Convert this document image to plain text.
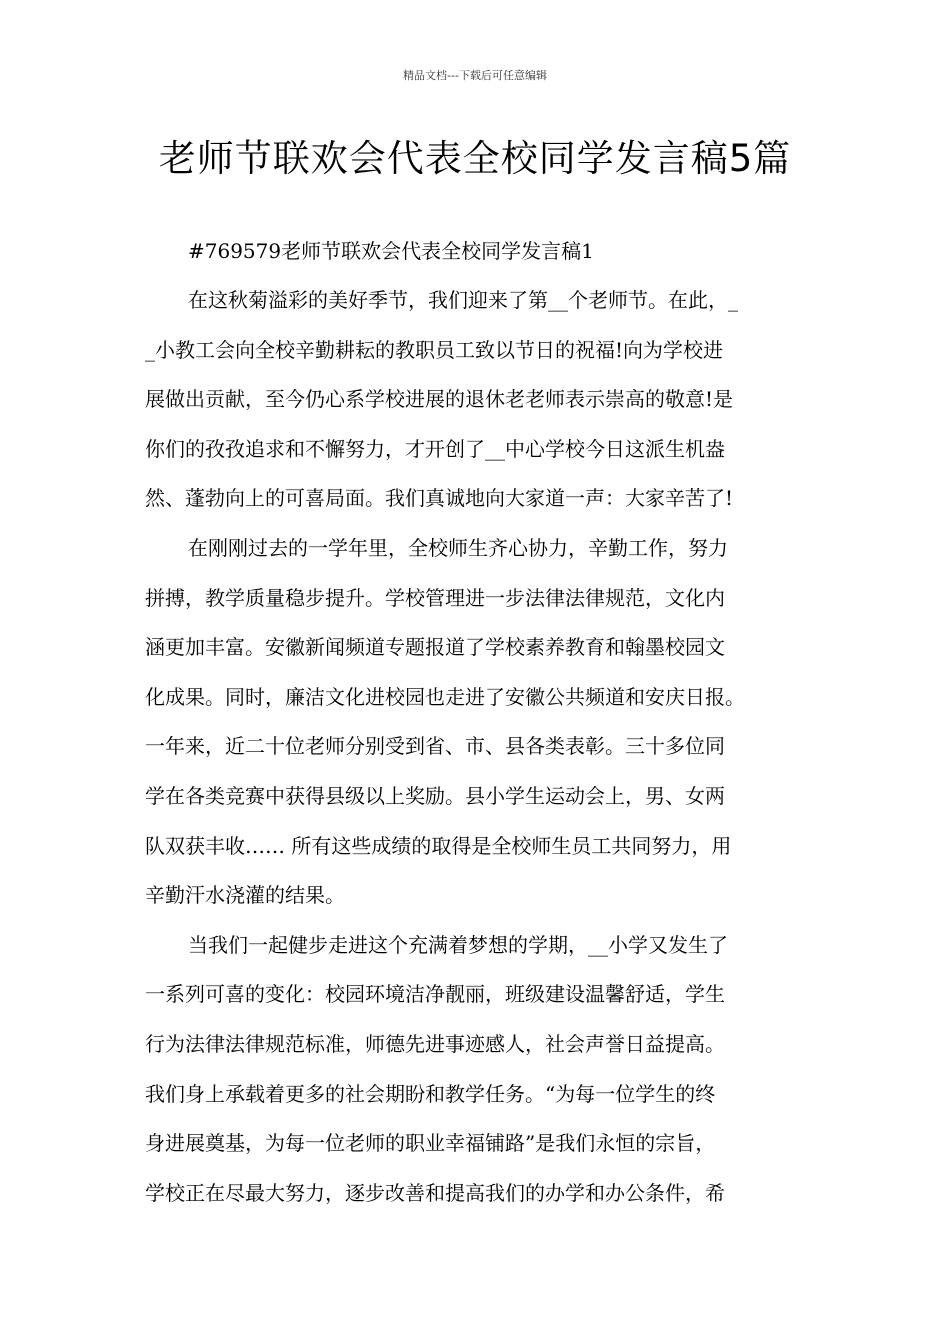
精品文档---下载后可任意编辑
老师节联欢会代表全校同学发言稿5篇

#769579老师节联欢会代表全校同学发言稿1

在这秋菊溢彩的美好季节，我们迎来了第__个老师节。在此，_
_小教工会向全校辛勤耕耘的教职员工致以节日的祝福!向为学校进
展做出贡献，至今仍心系学校进展的退休老老师表示崇高的敬意!是
你们的孜孜追求和不懈努力，才开创了__中心学校今日这派生机盎
然、蓬勃向上的可喜局面。我们真诚地向大家道一声：大家辛苦了!

在刚刚过去的一学年里，全校师生齐心协力，辛勤工作，努力
拼搏，教学质量稳步提升。学校管理进一步法律法律规范，文化内
涵更加丰富。安徽新闻频道专题报道了学校素养教育和翰墨校园文
化成果。同时，廉洁文化进校园也走进了安徽公共频道和安庆日报。
一年来，近二十位老师分别受到省、市、县各类表彰。三十多位同
学在各类竞赛中获得县级以上奖励。县小学生运动会上，男、女两
队双获丰收…… 所有这些成绩的取得是全校师生员工共同努力，用
辛勤汗水浇灌的结果。

当我们一起健步走进这个充满着梦想的学期，__小学又发生了
一系列可喜的变化：校园环境洁净靓丽，班级建设温馨舒适，学生
行为法律法律规范标准，师德先进事迹感人，社会声誉日益提高。
我们身上承载着更多的社会期盼和教学任务。“为每一位学生的终
身进展奠基，为每一位老师的职业幸福铺路”是我们永恒的宗旨，
学校正在尽最大努力，逐步改善和提高我们的办学和办公条件，希
